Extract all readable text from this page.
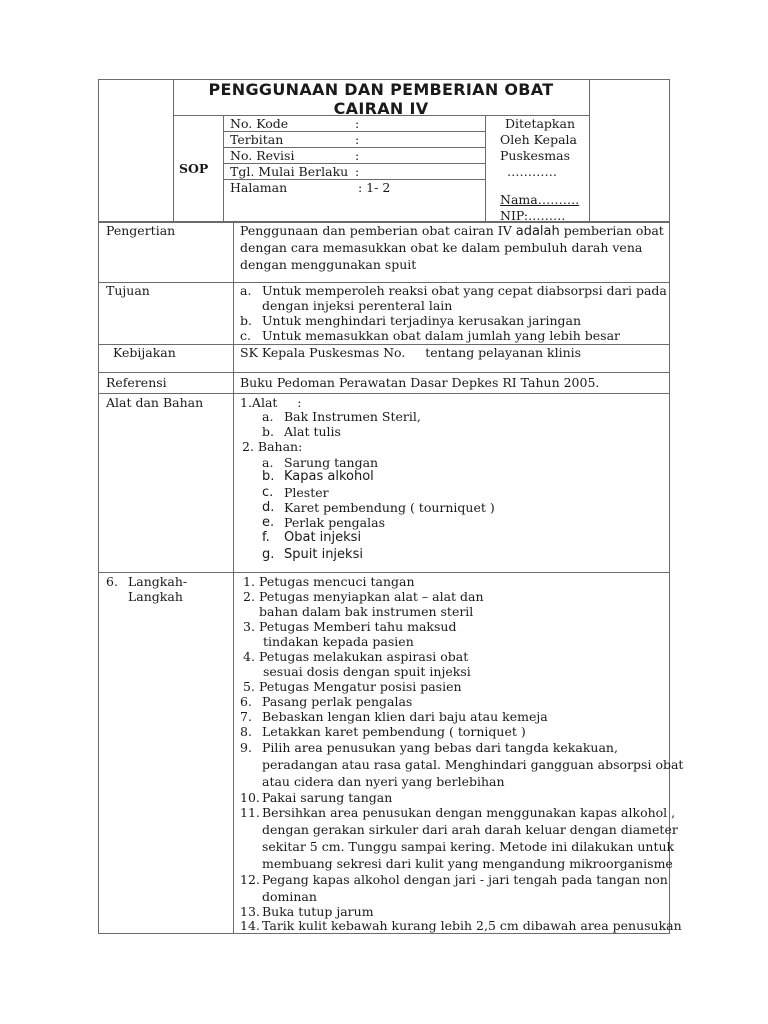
PENGGUNAAN DAN PEMBERIAN OBAT
CAIRAN IV
SOP
No. Kode	:
Terbitan	:
No. Revisi	:
Tgl. Mulai Berlaku :
Halaman	: 1- 2
Ditetapkan
Oleh Kepala
Puskesmas
…………
Nama……….
NIP:………
Pengertian	Penggunaan dan pemberian obat cairan IV adalah pemberian obat
dengan cara memasukkan obat ke dalam pembuluh darah vena
dengan menggunakan spuit
Tujuan	a. Untuk memperoleh reaksi obat yang cepat diabsorpsi dari pada
dengan injeksi perenteral lain
b. Untuk menghindari terjadinya kerusakan jaringan
c. Untuk memasukkan obat dalam jumlah yang lebih besar
Kebijakan	SK Kepala Puskesmas No.     tentang pelayanan klinis
Referensi	Buku Pedoman Perawatan Dasar Depkes RI Tahun 2005.
Alat dan Bahan	1.Alat     :
a. Bak Instrumen Steril,
b. Alat tulis
2. Bahan:
a. Sarung tangan
b. Kapas alkohol
c. Plester
d. Karet pembendung ( tourniquet )
e. Perlak pengalas
f. Obat injeksi
g. Spuit injeksi
6. Langkah-
Langkah
1. Petugas mencuci tangan
2. Petugas menyiapkan alat – alat dan
bahan dalam bak instrumen steril
3. Petugas Memberi tahu maksud
tindakan kepada pasien
4. Petugas melakukan aspirasi obat
sesuai dosis dengan spuit injeksi
5. Petugas Mengatur posisi pasien
6. Pasang perlak pengalas
7. Bebaskan lengan klien dari baju atau kemeja
8. Letakkan karet pembendung ( torniquet )
9. Pilih area penusukan yang bebas dari tangda kekakuan,
peradangan atau rasa gatal. Menghindari gangguan absorpsi obat
atau cidera dan nyeri yang berlebihan
10. Pakai sarung tangan
11. Bersihkan area penusukan dengan menggunakan kapas alkohol ,
dengan gerakan sirkuler dari arah darah keluar dengan diameter
sekitar 5 cm. Tunggu sampai kering. Metode ini dilakukan untuk
membuang sekresi dari kulit yang mengandung mikroorganisme
12. Pegang kapas alkohol dengan jari - jari tengah pada tangan non
dominan
13. Buka tutup jarum
14. Tarik kulit kebawah kurang lebih 2,5 cm dibawah area penusukan
